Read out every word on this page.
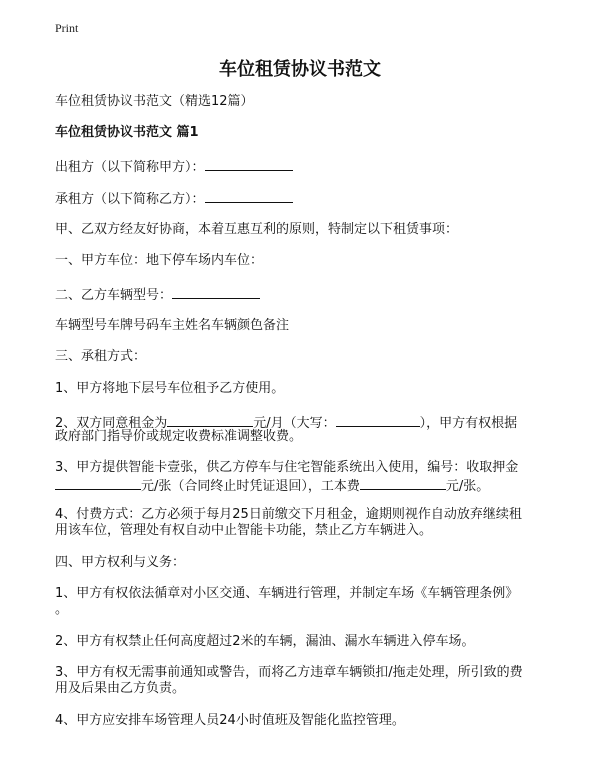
Print
车位租赁协议书范文
车位租赁协议书范文（精选12篇）
车位租赁协议书范文 篇1
出租方（以下简称甲方）：
承租方（以下简称乙方）：
甲、乙双方经友好协商，本着互惠互利的原则，特制定以下租赁事项：
一、甲方车位：地下停车场内车位：
二、乙方车辆型号：
车辆型号车牌号码车主姓名车辆颜色备注
三、承租方式：
1、甲方将地下层号车位租予乙方使用。
2、双方同意租金为	元/月（大写：	），甲方有权根据
政府部门指导价或规定收费标准调整收费。
3、甲方提供智能卡壹张，供乙方停车与住宅智能系统出入使用，编号：收取押金
元/张（合同终止时凭证退回），工本费	元/张。
4、付费方式：乙方必须于每月25日前缴交下月租金，逾期则视作自动放弃继续租
用该车位，管理处有权自动中止智能卡功能，禁止乙方车辆进入。
四、甲方权利与义务：
1、甲方有权依法循章对小区交通、车辆进行管理，并制定车场《车辆管理条例》
。
2、甲方有权禁止任何高度超过2米的车辆，漏油、漏水车辆进入停车场。
3、甲方有权无需事前通知或警告，而将乙方违章车辆锁扣/拖走处理，所引致的费
用及后果由乙方负责。
4、甲方应安排车场管理人员24小时值班及智能化监控管理。
